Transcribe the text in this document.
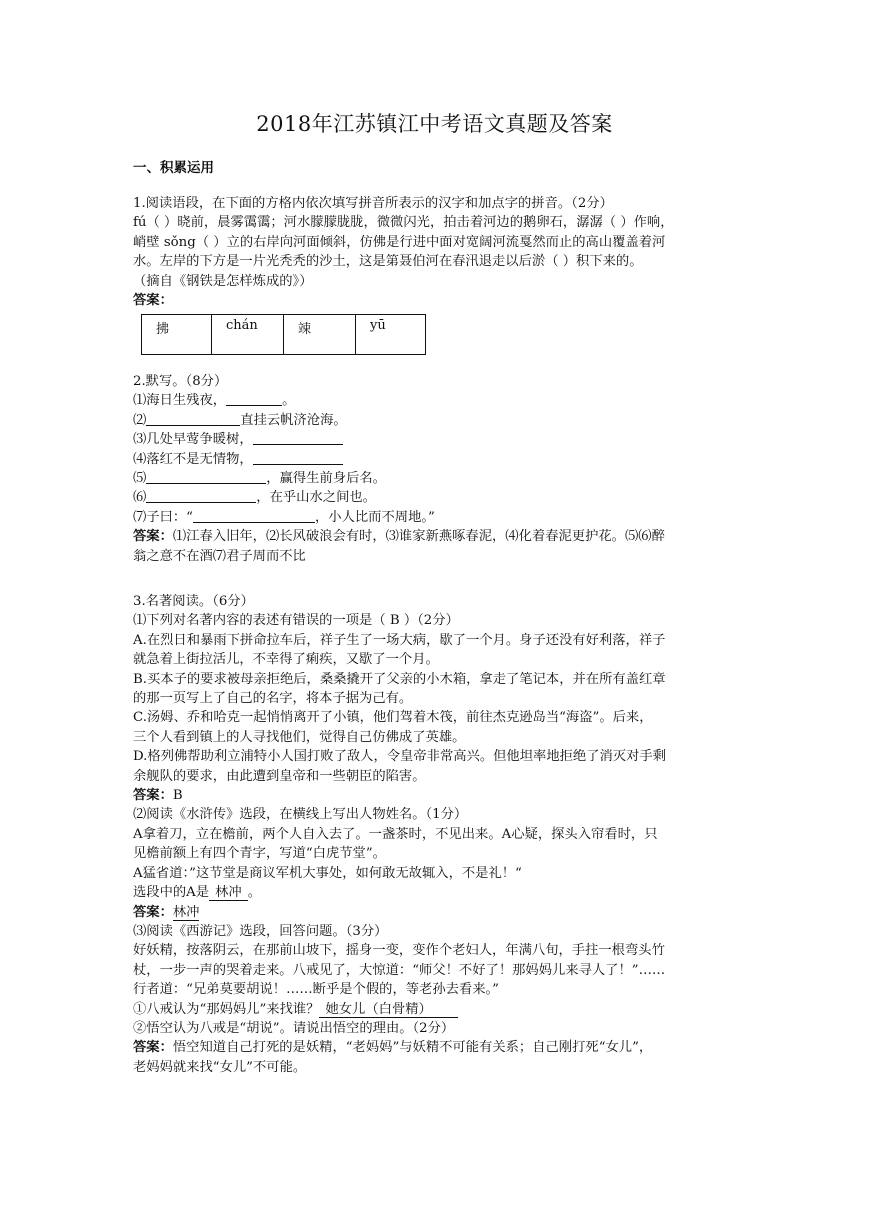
2018年江苏镇江中考语文真题及答案
一、积累运用
1.阅读语段，在下面的方格内依次填写拼音所表示的汉字和加点字的拼音。（2分）
fú（ ）晓前，晨雾霭霭；河水朦朦胧胧，微微闪光，拍击着河边的鹅卵石，潺潺（ ）作响，
峭壁 sǒng（ ）立的右岸向河面倾斜，仿佛是行进中面对宽阔河流戛然而止的高山覆盖着河
水。左岸的下方是一片光秃秃的沙土，这是第聂伯河在春汛退走以后淤（ ）积下来的。
（摘自《钢铁是怎样炼成的》）
答案：
拂	chán	竦	yū
2.默写。（8分）
⑴海日生残夜，	。
⑵	直挂云帆济沧海。
⑶几处早莺争暖树，
⑷落红不是无情物，
⑸	，赢得生前身后名。
⑹	，在乎山水之间也。
⑺子曰：“	，小人比而不周地。”
答案：⑴江春入旧年，⑵长风破浪会有时，⑶谁家新燕啄春泥，⑷化着春泥更护花。⑸⑹醉
翁之意不在酒⑺君子周而不比
3.名著阅读。（6分）
⑴下列对名著内容的表述有错误的一项是（ B ）（2分）
A.在烈日和暴雨下拼命拉车后，祥子生了一场大病，歇了一个月。身子还没有好利落，祥子
就急着上街拉活儿，不幸得了痢疾，又歇了一个月。
B.买本子的要求被母亲拒绝后，桑桑撬开了父亲的小木箱，拿走了笔记本，并在所有盖红章
的那一页写上了自己的名字，将本子据为己有。
C.汤姆、乔和哈克一起悄悄离开了小镇，他们驾着木筏，前往杰克逊岛当“海盗”。后来，
三个人看到镇上的人寻找他们，觉得自己仿佛成了英雄。
D.格列佛帮助利立浦特小人国打败了敌人，令皇帝非常高兴。但他坦率地拒绝了消灭对手剩
余舰队的要求，由此遭到皇帝和一些朝臣的陷害。
答案：B
⑵阅读《水浒传》选段，在横线上写出人物姓名。（1分）
A拿着刀，立在檐前，两个人自入去了。一盏茶时，不见出来。A心疑，探头入帘看时，只
见檐前额上有四个青字，写道“白虎节堂”。
A猛省道：”这节堂是商议军机大事处，如何敢无故辄入，不是礼！“
选段中的A是 林冲 。
答案：林冲
⑶阅读《西游记》选段，回答问题。（3分）
好妖精，按落阴云，在那前山坡下，摇身一变，变作个老妇人，年满八旬，手拄一根弯头竹
杖，一步一声的哭着走来。八戒见了，大惊道：“师父！不好了！那妈妈儿来寻人了！”……
行者道：“兄弟莫要胡说！……断乎是个假的，等老孙去看来。”
①八戒认为“那妈妈儿”来找谁？ 她女儿（白骨精）
②悟空认为八戒是“胡说”。请说出悟空的理由。（2分）
答案：悟空知道自己打死的是妖精，“老妈妈”与妖精不可能有关系；自己刚打死“女儿”，
老妈妈就来找“女儿”不可能。
